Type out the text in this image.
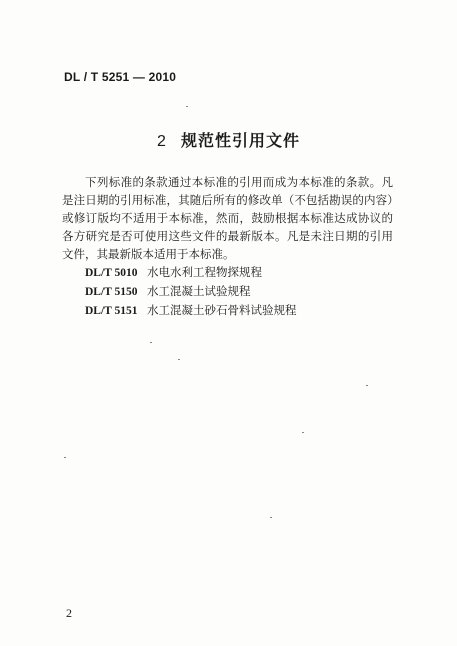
DL / T 5251 — 2010
2 规范性引用文件

下列标准的条款通过本标准的引用而成为本标准的条款。凡是注日期的引用标准，其随后所有的修改单（不包括勘误的内容）或修订版均不适用于本标准，然而，鼓励根据本标准达成协议的各方研究是否可使用这些文件的最新版本。凡是未注日期的引用文件，其最新版本适用于本标准。

DL/T 5010 水电水利工程物探规程
DL/T 5150 水工混凝土试验规程
DL/T 5151 水工混凝土砂石骨料试验规程
2
